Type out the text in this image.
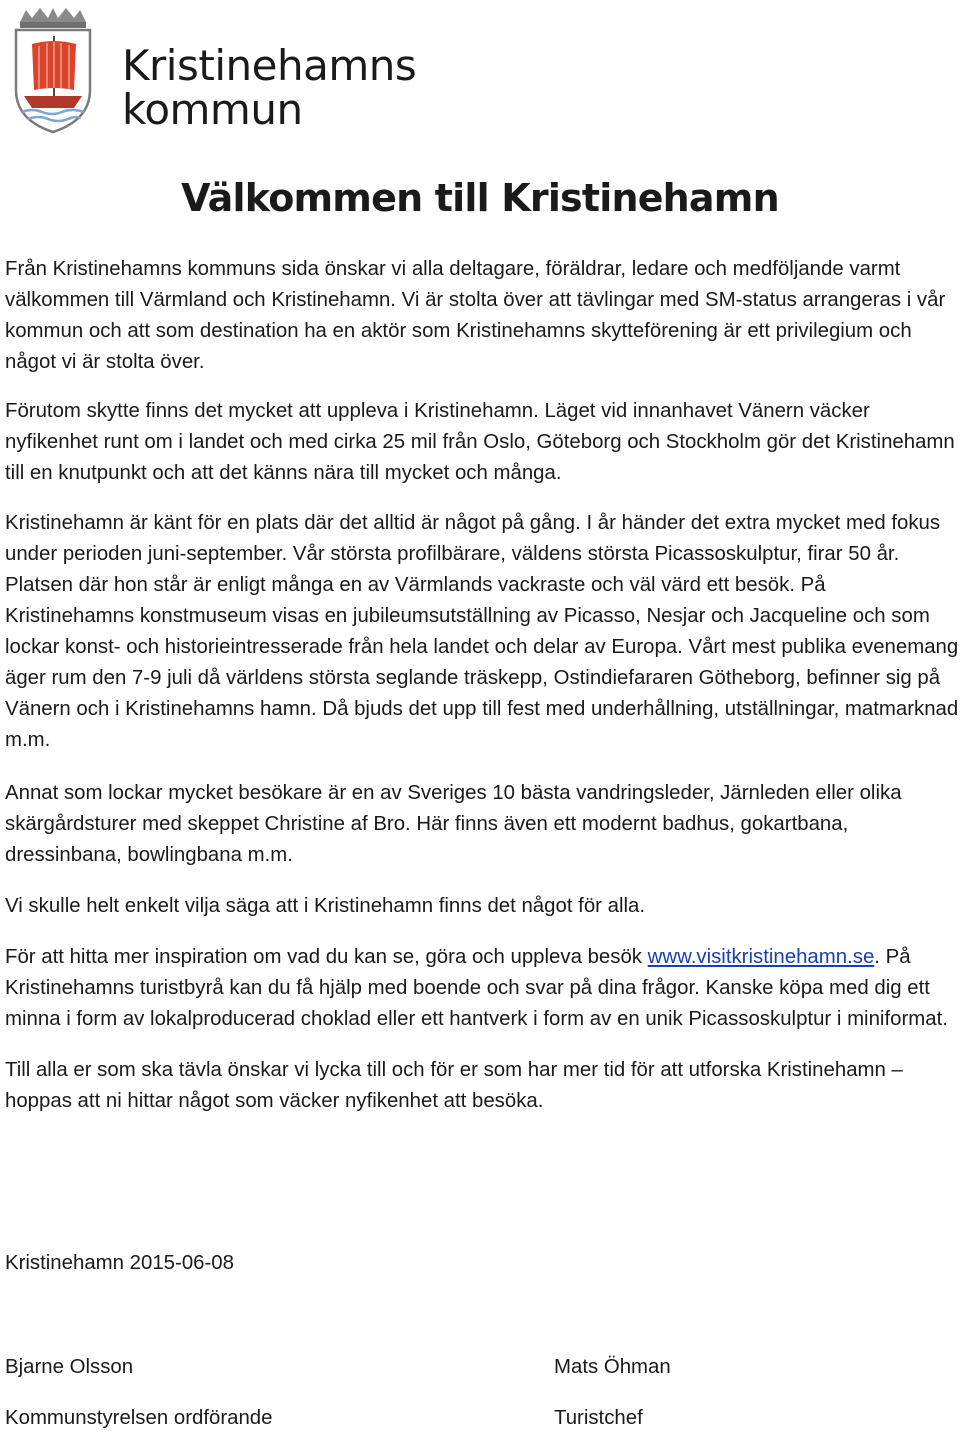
Kristinehamns
kommun
Välkommen till Kristinehamn

Från Kristinehamns kommuns sida önskar vi alla deltagare, föräldrar, ledare och medföljande varmt välkommen till Värmland och Kristinehamn. Vi är stolta över att tävlingar med SM-status arrangeras i vår kommun och att som destination ha en aktör som Kristinehamns skytteförening är ett privilegium och något vi är stolta över.

Förutom skytte finns det mycket att uppleva i Kristinehamn. Läget vid innanhavet Vänern väcker nyfikenhet runt om i landet och med cirka 25 mil från Oslo, Göteborg och Stockholm gör det Kristinehamn till en knutpunkt och att det känns nära till mycket och många.

Kristinehamn är känt för en plats där det alltid är något på gång. I år händer det extra mycket med fokus under perioden juni-september. Vår största profilbärare, väldens största Picassoskulptur, firar 50 år. Platsen där hon står är enligt många en av Värmlands vackraste och väl värd ett besök. På Kristinehamns konstmuseum visas en jubileumsutställning av Picasso, Nesjar och Jacqueline och som lockar konst- och historieintresserade från hela landet och delar av Europa. Vårt mest publika evenemang äger rum den 7-9 juli då världens största seglande träskepp, Ostindiefararen Götheborg, befinner sig på Vänern och i Kristinehamns hamn. Då bjuds det upp till fest med underhållning, utställningar, matmarknad m.m.

Annat som lockar mycket besökare är en av Sveriges 10 bästa vandringsleder, Järnleden eller olika skärgårdsturer med skeppet Christine af Bro. Här finns även ett modernt badhus, gokartbana, dressinbana, bowlingbana m.m.

Vi skulle helt enkelt vilja säga att i Kristinehamn finns det något för alla.

För att hitta mer inspiration om vad du kan se, göra och uppleva besök www.visitkristinehamn.se. På Kristinehamns turistbyrå kan du få hjälp med boende och svar på dina frågor. Kanske köpa med dig ett minna i form av lokalproducerad choklad eller ett hantverk i form av en unik Picassoskulptur i miniformat.

Till alla er som ska tävla önskar vi lycka till och för er som har mer tid för att utforska Kristinehamn – hoppas att ni hittar något som väcker nyfikenhet att besöka.

Kristinehamn 2015-06-08
Bjarne Olsson	Mats Öhman
Kommunstyrelsen ordförande	Turistchef
